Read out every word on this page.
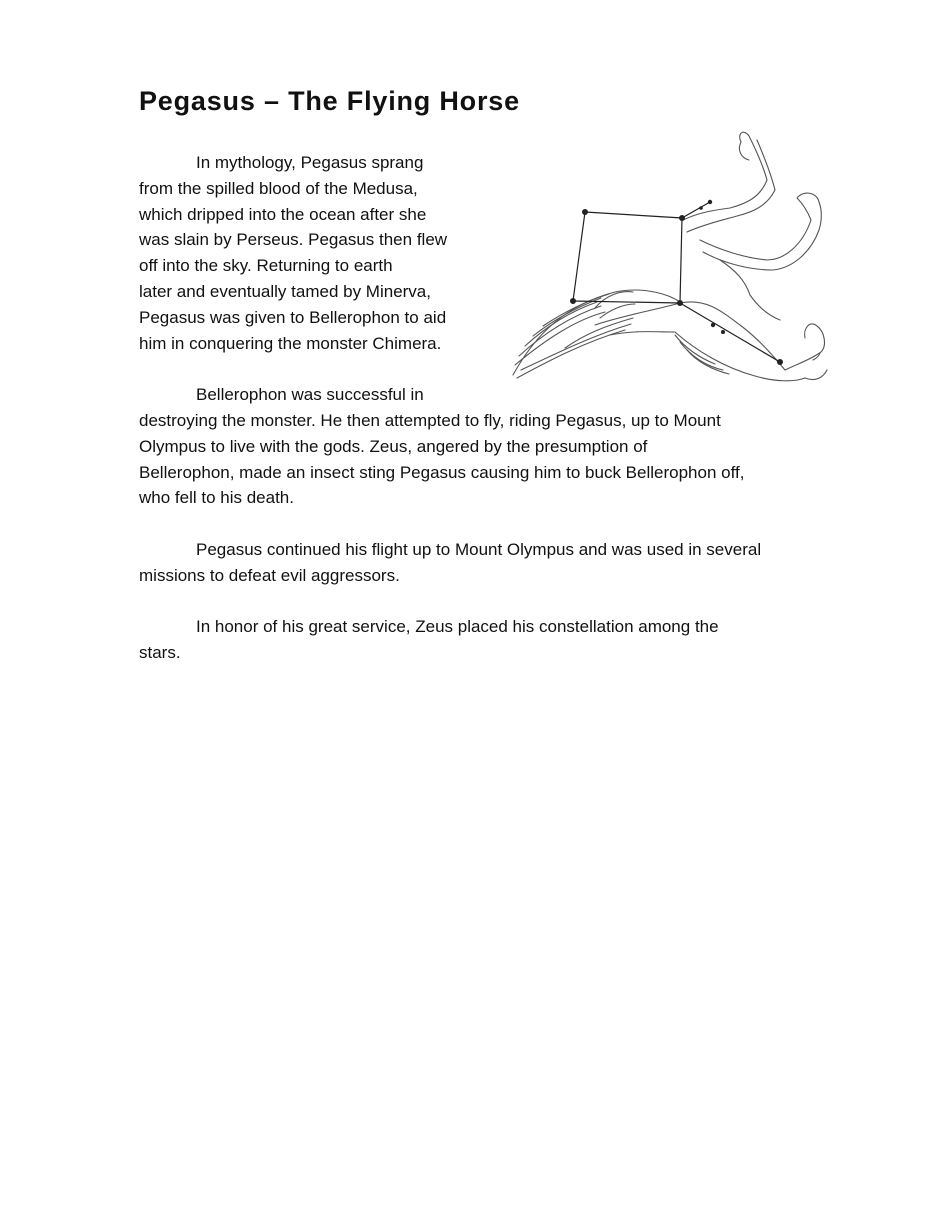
Pegasus – The Flying Horse
In mythology, Pegasus sprang
from the spilled blood of the Medusa,
which dripped into the ocean after she
was slain by Perseus. Pegasus then flew
off into the sky. Returning to earth
later and eventually tamed by Minerva,
Pegasus was given to Bellerophon to aid
him in conquering the monster Chimera.
Bellerophon was successful in
destroying the monster. He then attempted to fly, riding Pegasus, up to Mount
Olympus to live with the gods. Zeus, angered by the presumption of
Bellerophon, made an insect sting Pegasus causing him to buck Bellerophon off,
who fell to his death.
Pegasus continued his flight up to Mount Olympus and was used in several
missions to defeat evil aggressors.
In honor of his great service, Zeus placed his constellation among the
stars.
